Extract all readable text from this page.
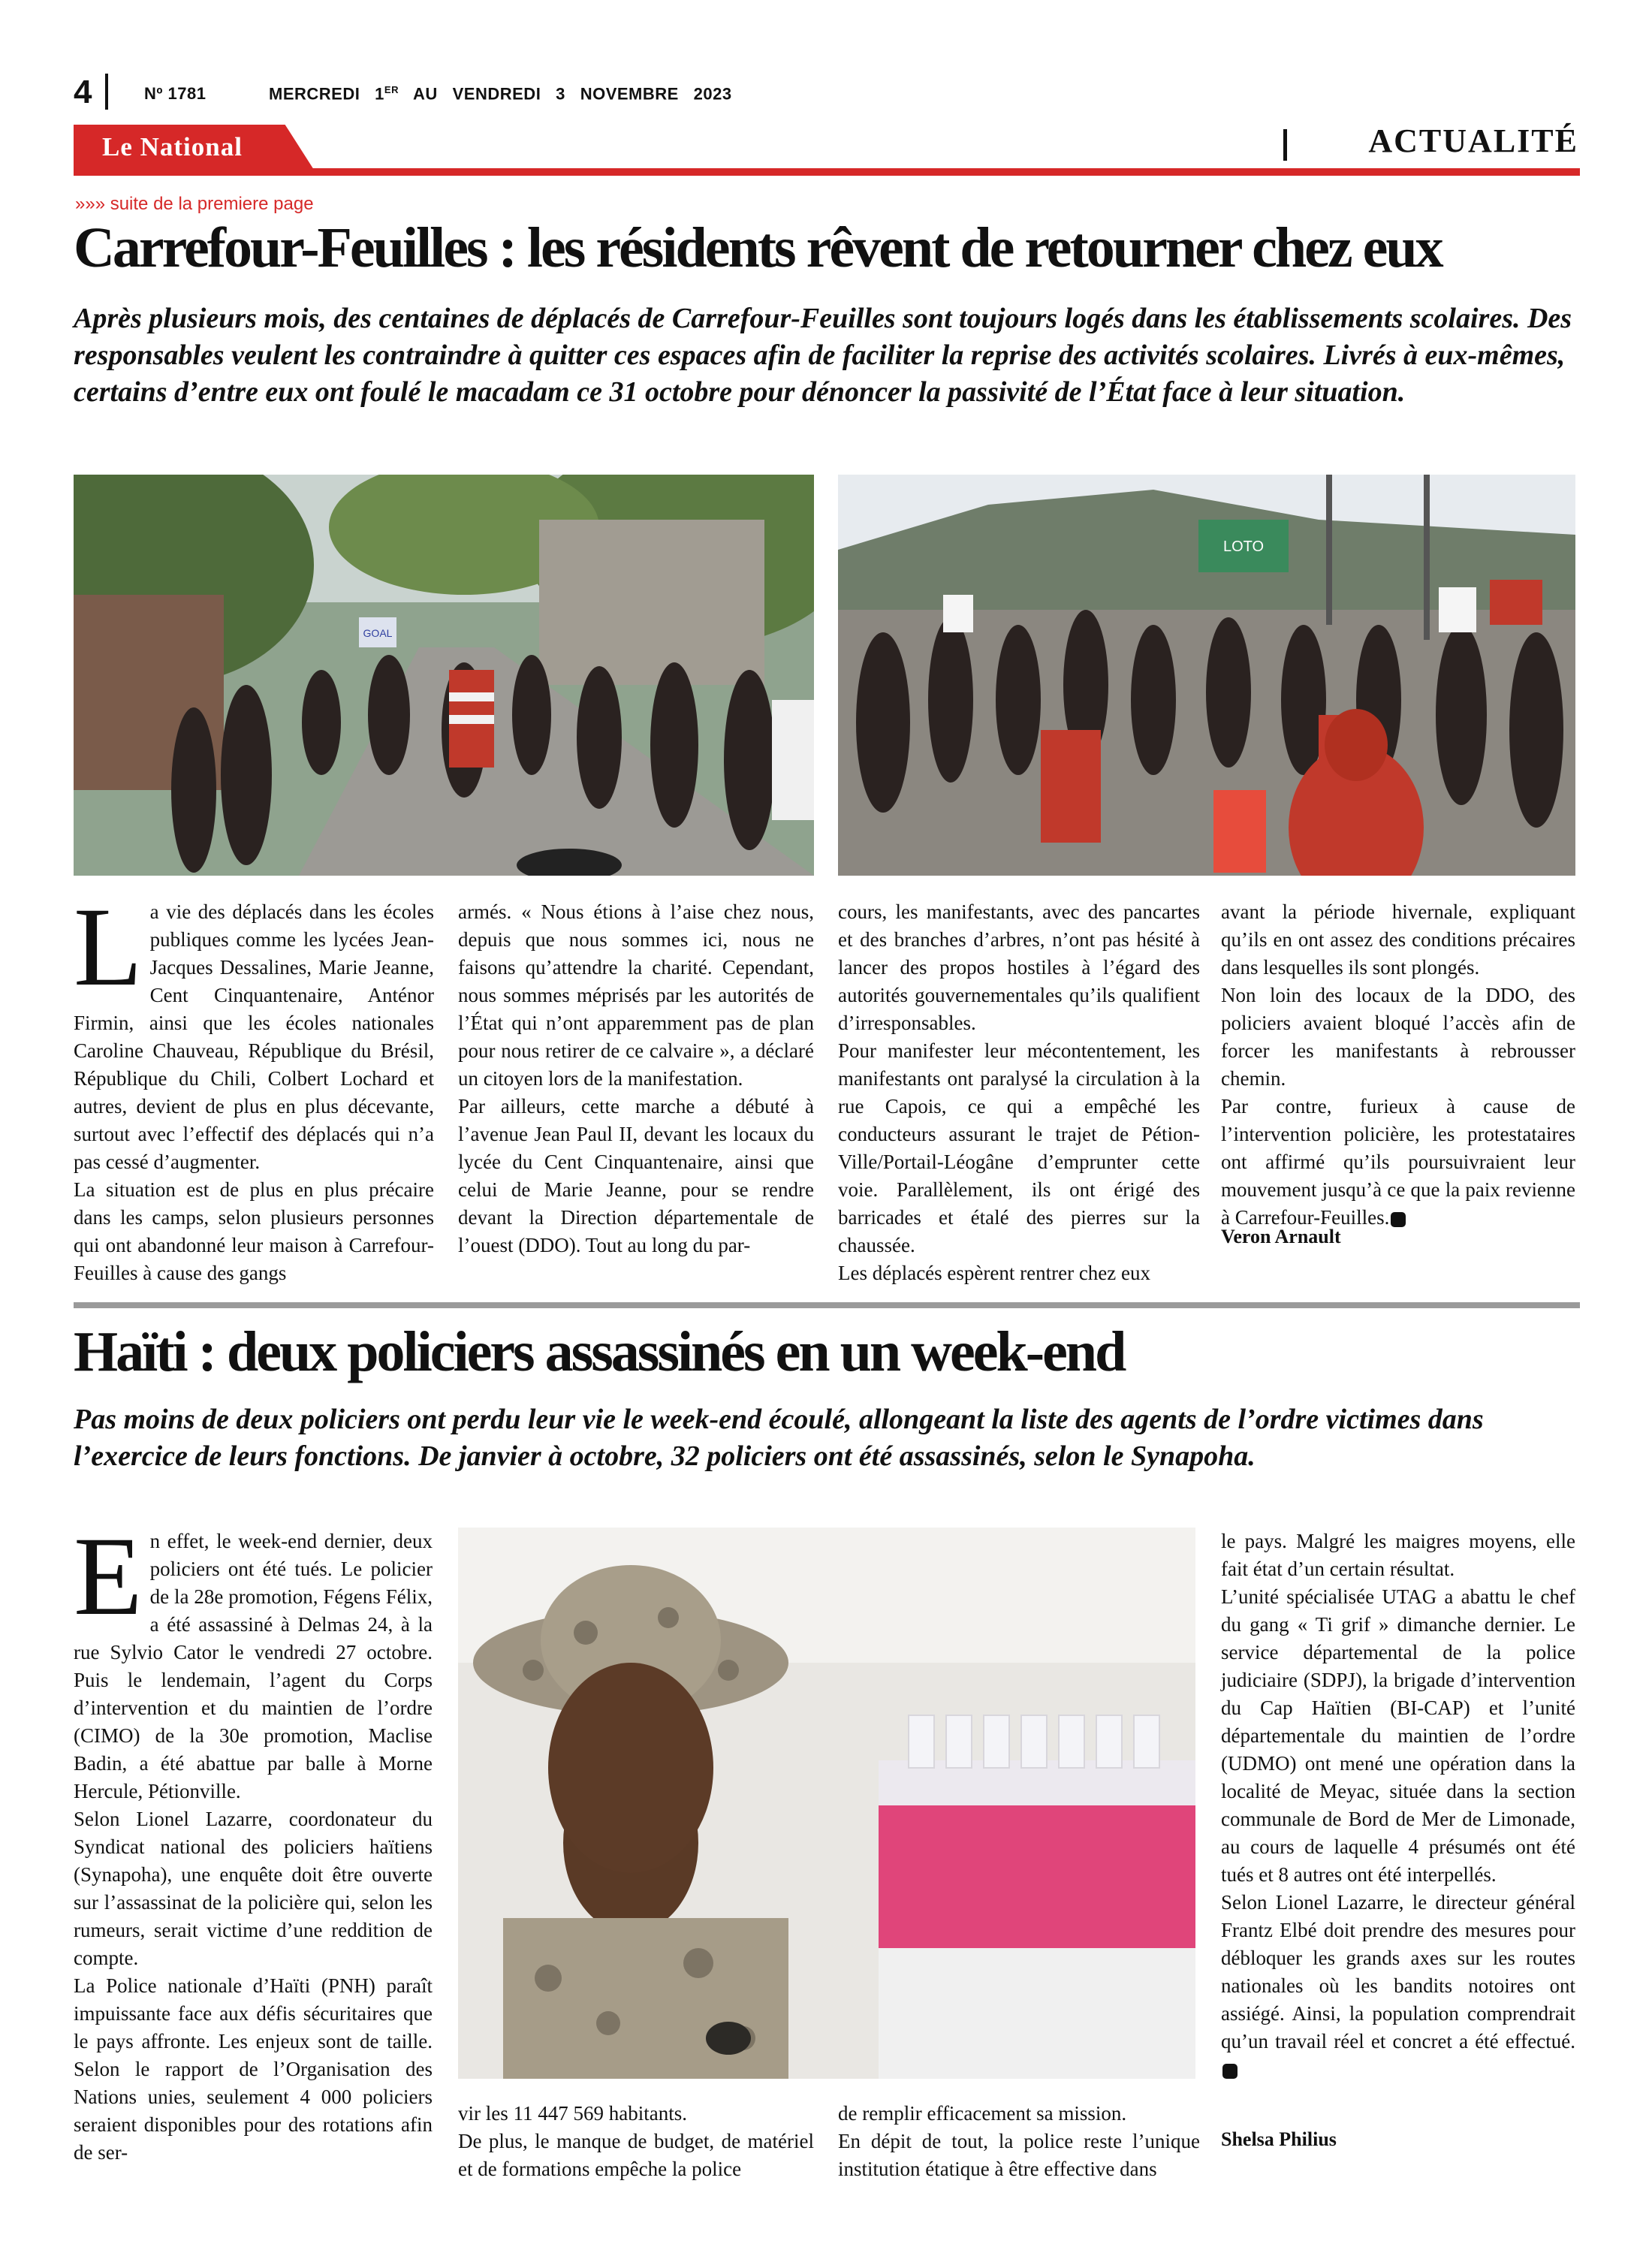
4	Nº 1781	MERCREDI   1ER   AU   VENDREDI   3   NOVEMBRE   2023
Le National	ACTUALITÉ
»»» suite de la premiere page
Carrefour-Feuilles : les résidents rêvent de retourner chez eux
Après plusieurs mois, des centaines de déplacés de Carrefour-Feuilles sont toujours logés dans les établissements scolaires. Des responsables veulent les contraindre à quitter ces espaces afin de faciliter la reprise des activités scolaires. Livrés à eux-mêmes, certains d’entre eux ont foulé le macadam ce 31 octobre pour dénoncer la passivité de l’État face à leur situation.
GOAL
LOTO

La vie des déplacés dans les écoles publiques comme les lycées Jean-Jacques Dessalines, Marie Jeanne, Cent Cinquantenaire, Anténor Firmin, ainsi que les écoles nationales Caroline Chauveau, République du Brésil, République du Chili, Colbert Lochard et autres, devient de plus en plus décevante, surtout avec l’effectif des déplacés qui n’a pas cessé d’augmenter.

La situation est de plus en plus précaire dans les camps, selon plusieurs personnes qui ont abandonné leur maison à Carrefour-Feuilles à cause des gangs

armés. « Nous étions à l’aise chez nous, depuis que nous sommes ici, nous ne faisons qu’attendre la charité. Cependant, nous sommes méprisés par les autorités de l’État qui n’ont apparemment pas de plan pour nous retirer de ce calvaire », a déclaré un citoyen lors de la manifestation.

Par ailleurs, cette marche a débuté à l’avenue Jean Paul II, devant les locaux du lycée du Cent Cinquantenaire, ainsi que celui de Marie Jeanne, pour se rendre devant la Direction départementale de l’ouest (DDO). Tout au long du par-

cours, les manifestants, avec des pancartes et des branches d’arbres, n’ont pas hésité à lancer des propos hostiles à l’égard des autorités gouvernementales qu’ils qualifient d’irresponsables.

Pour manifester leur mécontentement, les manifestants ont paralysé la circulation à la rue Capois, ce qui a empêché les conducteurs assurant le trajet de Pétion-Ville/Portail-Léogâne d’emprunter cette voie. Parallèlement, ils ont érigé des barricades et étalé des pierres sur la chaussée.

Les déplacés espèrent rentrer chez eux

avant la période hivernale, expliquant qu’ils en ont assez des conditions précaires dans lesquelles ils sont plongés.

Non loin des locaux de la DDO, des policiers avaient bloqué l’accès afin de forcer les manifestants à rebrousser chemin.

Par contre, furieux à cause de l’intervention policière, les protestataires ont affirmé qu’ils poursuivraient leur mouvement jusqu’à ce que la paix revienne à Carrefour-Feuilles.

Veron Arnault
Haïti : deux policiers assassinés en un week-end
Pas moins de deux policiers ont perdu leur vie le week-end écoulé, allongeant la liste des agents de l’ordre victimes dans l’exercice de leurs fonctions. De janvier à octobre, 32 policiers ont été assassinés, selon le Synapoha.

En effet, le week-end dernier, deux policiers ont été tués. Le policier de la 28e promotion, Fégens Félix, a été assassiné à Delmas 24, à la rue Sylvio Cator le vendredi 27 octobre. Puis le lendemain, l’agent du Corps d’intervention et du maintien de l’ordre (CIMO) de la 30e promotion, Maclise Badin, a été abattue par balle à Morne Hercule, Pétionville.

Selon Lionel Lazarre, coordonateur du Syndicat national des policiers haïtiens (Synapoha), une enquête doit être ouverte sur l’assassinat de la policière qui, selon les rumeurs, serait victime d’une reddition de compte.

La Police nationale d’Haïti (PNH) paraît impuissante face aux défis sécuritaires que le pays affronte. Les enjeux sont de taille. Selon le rapport de l’Organisation des Nations unies, seulement 4 000 policiers seraient disponibles pour des rotations afin de ser-

vir les 11 447 569 habitants.

De plus, le manque de budget, de matériel et de formations empêche la police

de remplir efficacement sa mission.

En dépit de tout, la police reste l’unique institution étatique à être effective dans

le pays. Malgré les maigres moyens, elle fait état d’un certain résultat.

L’unité spécialisée UTAG a abattu le chef du gang « Ti grif » dimanche dernier. Le service départemental de la police judiciaire (SDPJ), la brigade d’intervention du Cap Haïtien (BI-CAP) et l’unité départementale du maintien de l’ordre (UDMO) ont mené une opération dans la localité de Meyac, située dans la section communale de Bord de Mer de Limonade, au cours de laquelle 4 présumés ont été tués et 8 autres ont été interpellés.

Selon Lionel Lazarre, le directeur général Frantz Elbé doit prendre des mesures pour débloquer les grands axes sur les routes nationales où les bandits notoires ont assiégé. Ainsi, la population comprendrait qu’un travail réel et concret a été effectué.

Shelsa Philius
